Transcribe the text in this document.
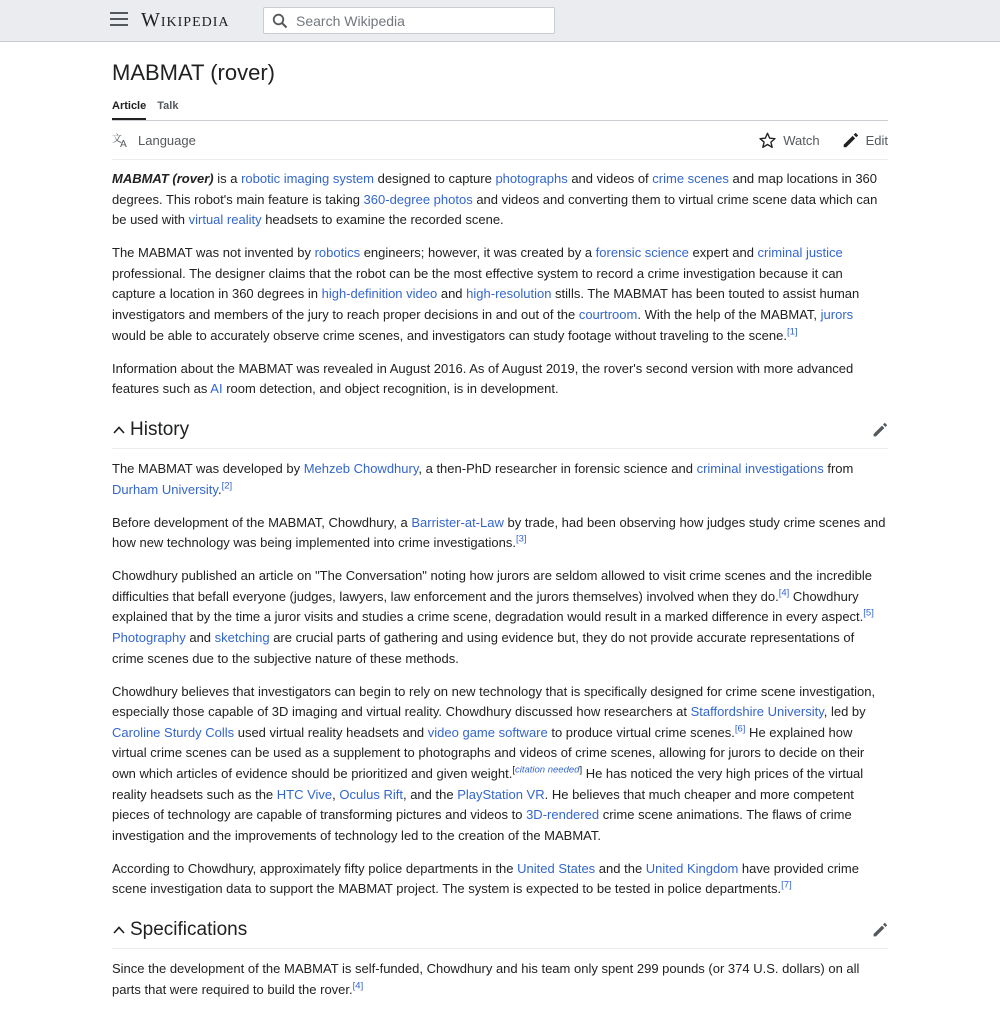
Wikipedia
Search Wikipedia
MABMAT (rover)
Article Talk
文
A Language	Watch	Edit

MABMAT (rover) is a robotic imaging system designed to capture photographs and videos of crime scenes and map locations in 360 degrees. This robot's main feature is taking 360-degree photos and videos and converting them to virtual crime scene data which can be used with virtual reality headsets to examine the recorded scene.

The MABMAT was not invented by robotics engineers; however, it was created by a forensic science expert and criminal justice professional. The designer claims that the robot can be the most effective system to record a crime investigation because it can capture a location in 360 degrees in high-definition video and high-resolution stills. The MABMAT has been touted to assist human investigators and members of the jury to reach proper decisions in and out of the courtroom. With the help of the MABMAT, jurors would be able to accurately observe crime scenes, and investigators can study footage without traveling to the scene.[1]

Information about the MABMAT was revealed in August 2016. As of August 2019, the rover's second version with more advanced features such as AI room detection, and object recognition, is in development.

History

The MABMAT was developed by Mehzeb Chowdhury, a then-PhD researcher in forensic science and criminal investigations from Durham University.[2]

Before development of the MABMAT, Chowdhury, a Barrister-at-Law by trade, had been observing how judges study crime scenes and how new technology was being implemented into crime investigations.[3]

Chowdhury published an article on "The Conversation" noting how jurors are seldom allowed to visit crime scenes and the incredible difficulties that befall everyone (judges, lawyers, law enforcement and the jurors themselves) involved when they do.[4] Chowdhury explained that by the time a juror visits and studies a crime scene, degradation would result in a marked difference in every aspect.[5] Photography and sketching are crucial parts of gathering and using evidence but, they do not provide accurate representations of crime scenes due to the subjective nature of these methods.

Chowdhury believes that investigators can begin to rely on new technology that is specifically designed for crime scene investigation, especially those capable of 3D imaging and virtual reality. Chowdhury discussed how researchers at Staffordshire University, led by Caroline Sturdy Colls used virtual reality headsets and video game software to produce virtual crime scenes.[6] He explained how virtual crime scenes can be used as a supplement to photographs and videos of crime scenes, allowing for jurors to decide on their own which articles of evidence should be prioritized and given weight.[citation needed] He has noticed the very high prices of the virtual reality headsets such as the HTC Vive, Oculus Rift, and the PlayStation VR. He believes that much cheaper and more competent pieces of technology are capable of transforming pictures and videos to 3D-rendered crime scene animations. The flaws of crime investigation and the improvements of technology led to the creation of the MABMAT.

According to Chowdhury, approximately fifty police departments in the United States and the United Kingdom have provided crime scene investigation data to support the MABMAT project. The system is expected to be tested in police departments.[7]

Specifications

Since the development of the MABMAT is self-funded, Chowdhury and his team only spent 299 pounds (or 374 U.S. dollars) on all parts that were required to build the rover.[4]
